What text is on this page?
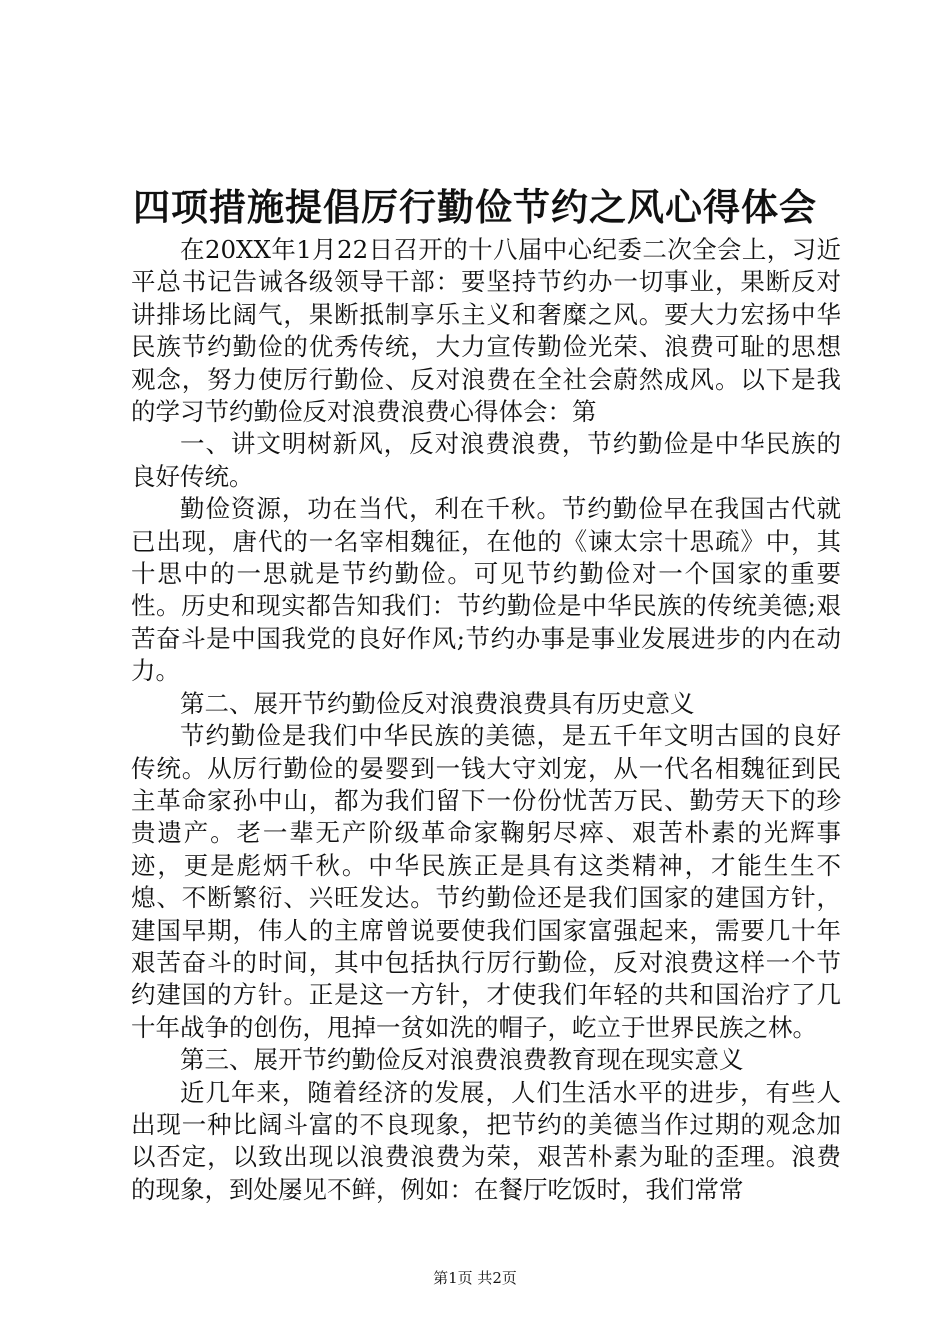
四项措施提倡厉行勤俭节约之风心得体会

在20XX年1月22日召开的十八届中心纪委二次全会上，习近平总书记告诫各级领导干部：要坚持节约办一切事业，果断反对讲排场比阔气，果断抵制享乐主义和奢糜之风。要大力宏扬中华民族节约勤俭的优秀传统，大力宣传勤俭光荣、浪费可耻的思想观念，努力使厉行勤俭、反对浪费在全社会蔚然成风。以下是我的学习节约勤俭反对浪费浪费心得体会：第

一、讲文明树新风，反对浪费浪费，节约勤俭是中华民族的良好传统。

勤俭资源，功在当代，利在千秋。节约勤俭早在我国古代就已出现，唐代的一名宰相魏征，在他的《谏太宗十思疏》中，其十思中的一思就是节约勤俭。可见节约勤俭对一个国家的重要性。历史和现实都告知我们：节约勤俭是中华民族的传统美德;艰苦奋斗是中国我党的良好作风;节约办事是事业发展进步的内在动力。

第二、展开节约勤俭反对浪费浪费具有历史意义

节约勤俭是我们中华民族的美德，是五千年文明古国的良好传统。从厉行勤俭的晏婴到一钱大守刘宠，从一代名相魏征到民主革命家孙中山，都为我们留下一份份忧苦万民、勤劳天下的珍贵遗产。老一辈无产阶级革命家鞠躬尽瘁、艰苦朴素的光辉事迹，更是彪炳千秋。中华民族正是具有这类精神，才能生生不熄、不断繁衍、兴旺发达。节约勤俭还是我们国家的建国方针，建国早期，伟人的主席曾说要使我们国家富强起来，需要几十年艰苦奋斗的时间，其中包括执行厉行勤俭，反对浪费这样一个节约建国的方针。正是这一方针，才使我们年轻的共和国治疗了几十年战争的创伤，甩掉一贫如洗的帽子，屹立于世界民族之林。

第三、展开节约勤俭反对浪费浪费教育现在现实意义

近几年来，随着经济的发展，人们生活水平的进步，有些人出现一种比阔斗富的不良现象，把节约的美德当作过期的观念加以否定，以致出现以浪费浪费为荣，艰苦朴素为耻的歪理。浪费的现象，到处屡见不鲜，例如：在餐厅吃饭时，我们常常

第1页 共2页
